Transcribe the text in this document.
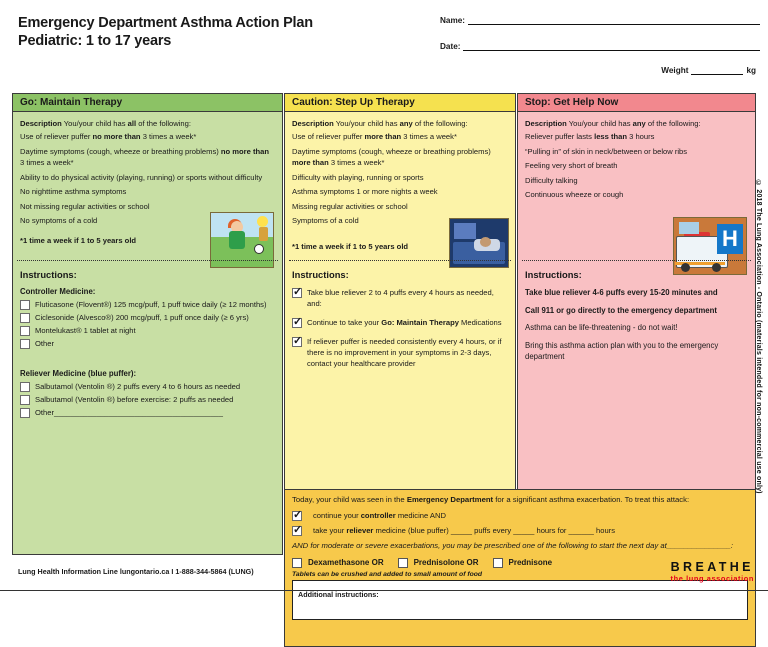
Emergency Department Asthma Action Plan
Pediatric: 1 to 17 years
Name:
Date:
Weight	kg
Go: Maintain Therapy

Description You/your child has all of the following:

Use of reliever puffer no more than 3 times a week*

Daytime symptoms (cough, wheeze or breathing problems) no more than 3 times a week*

Ability to do physical activity (playing, running) or sports without difficulty

No nighttime asthma symptoms

Not missing regular activities or school

No symptoms of a cold

*1 time a week if 1 to 5 years old

Instructions:
Controller Medicine:
Fluticasone (Flovent®) 125 mcg/puff, 1 puff twice daily (≥ 12 months)
Ciclesonide (Alvesco®) 200 mcg/puff, 1 puff once daily (≥ 6 yrs)
Montelukast® 1 tablet at night
Other
Reliever Medicine (blue puffer):
Salbutamol (Ventolin ®) 2 puffs every 4 to 6 hours as needed
Salbutamol (Ventolin ®) before exercise: 2 puffs as needed
Other________________________________________
Caution: Step Up Therapy

Description You/your child has any of the following:

Use of reliever puffer more than 3 times a week*

Daytime symptoms (cough, wheeze or breathing problems) more than 3 times a week*

Difficulty with playing, running or sports

Asthma symptoms 1 or more nights a week

Missing regular activities or school

Symptoms of a cold

*1 time a week if 1 to 5 years old

Instructions:
✓
Take blue reliever 2 to 4 puffs every 4 hours as needed, and:
✓
Continue to take your Go: Maintain Therapy Medications
✓
If reliever puffer is needed consistently every 4 hours, or if there is no improvement in your symptoms in 2-3 days, contact your healthcare provider
Stop: Get Help Now

Description You/your child has any of the following:

Reliever puffer lasts less than 3 hours

“Pulling in” of skin in neck/between or below ribs

Feeling very short of breath

Difficulty talking

Continuous wheeze or cough

H
Instructions:

Take blue reliever 4-6 puffs every 15-20 minutes and

Call 911 or go directly to the emergency department

Asthma can be life-threatening - do not wait!

Bring this asthma action plan with you to the emergency department

Today, your child was seen in the Emergency Department for a significant asthma exacerbation. To treat this attack:

✓
continue your controller medicine AND
✓
take your reliever medicine (blue puffer) _____ puffs every _____ hours for ______ hours
AND for moderate or severe exacerbations, you may be prescribed one of the following to start the next day at_______________:
Dexamethasone OR	Prednisolone OR	Prednisone
Tablets can be crushed and added to small amount of food
Additional instructions:
© 2018 The Lung Association - Ontario (materials intended for non-commercial use only)
Lung Health Information Line lungontario.ca I 1-888-344-5864 (LUNG)	BREATHE
the lung association
